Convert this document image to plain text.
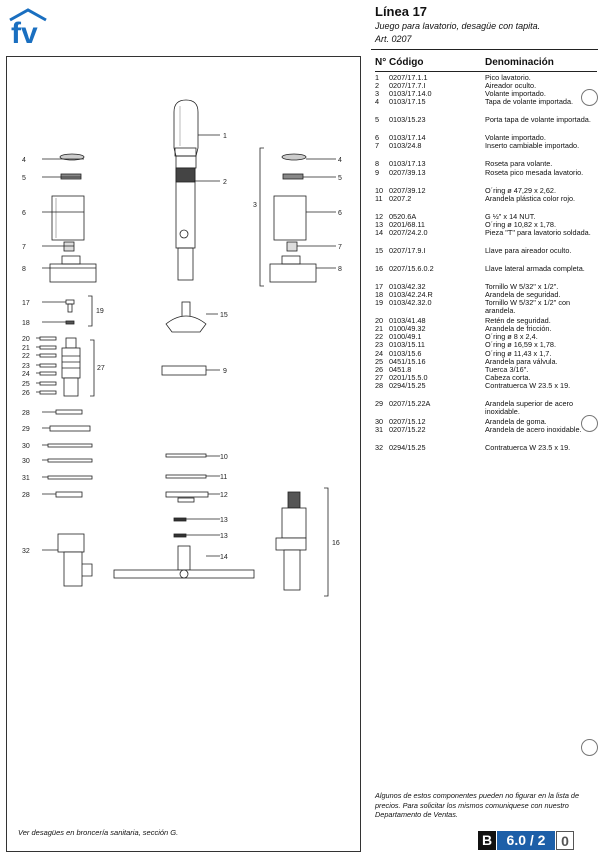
fv
Línea 17
Juego para lavatorio, desagüe con tapita.
Art. 0207
1
2
3
4	4
5	5
6	6
7	7
8	8
9
10
11
12
13
13
14
15
16
17
18
19
20
21
22
23
24
25
26
27
28
29
30
30
31
28
32
Ver desagües en broncería sanitaria, sección G.
N° Código	Denominación
1 0207/17.1.1	Pico lavatorio.
2 0207/17.7.I	Aireador oculto.
3 0103/17.14.0	Volante importado.
4 0103/17.15	Tapa de volante importada.
5 0103/15.23	Porta tapa de volante importada.
6 0103/17.14	Volante importado.
7 0103/24.8	Inserto cambiable importado.
8 0103/17.13	Roseta para volante.
9 0207/39.13	Roseta pico mesada lavatorio.
10 0207/39.12	O´ring ø 47,29 x 2,62.
11 0207.2	Arandela plástica color rojo.
12 0520.6A	G ½" x 14 NUT.
13 0201/68.11	O´ring ø 10,82 x 1,78.
14 0207/24.2.0	Pieza "T" para lavatorio soldada.
15 0207/17.9.I	Llave para aireador oculto.
16 0207/15.6.0.2	Llave lateral armada completa.
17 0103/42.32	Tornillo W 5/32" x 1/2".
18 0103/42.24.R	Arandela de seguridad.
19 0103/42.32.0	Tornillo W 5/32" x 1/2" con arandela.
20 0103/41.48	Retén de seguridad.
21 0100/49.32	Arandela de fricción.
22 0100/49.1	O´ring ø 8 x 2,4.
23 0103/15.11	O´ring ø 16,59 x 1,78.
24 0103/15.6	O´ring ø 11,43 x 1,7.
25 0451/15.16	Arandela para válvula.
26 0451.8	Tuerca 3/16".
27 0201/15.5.0	Cabeza corta.
28 0294/15.25	Contratuerca W 23.5 x 19.
29 0207/15.22A	Arandela superior de acero inoxidable.
30 0207/15.12	Arandela de goma.
31 0207/15.22	Arandela de acero inoxidable.
32 0294/15.25	Contratuerca W 23.5 x 19.
Algunos de estos componentes pueden no figurar en la lista de precios. Para solicitar los mismos comuniquese con nuestro Departamento de Ventas.
B	6.0 / 2	0
